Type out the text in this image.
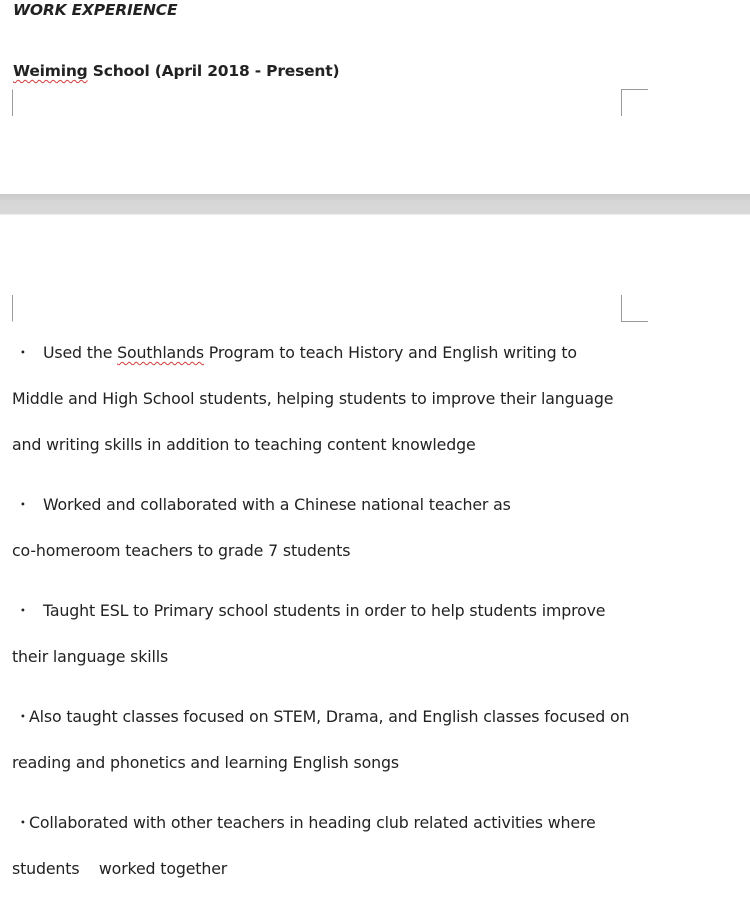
WORK EXPERIENCE

Weiming School (April 2018 - Present)

・ Used the Southlands Program to teach History and English writing to
Middle and High School students, helping students to improve their language
and writing skills in addition to teaching content knowledge
・ Worked and collaborated with a Chinese national teacher as
co-homeroom teachers to grade 7 students
・ Taught ESL to Primary school students in order to help students improve
their language skills
・Also taught classes focused on STEM, Drama, and English classes focused on
reading and phonetics and learning English songs
・Collaborated with other teachers in heading club related activities where
students    worked together
